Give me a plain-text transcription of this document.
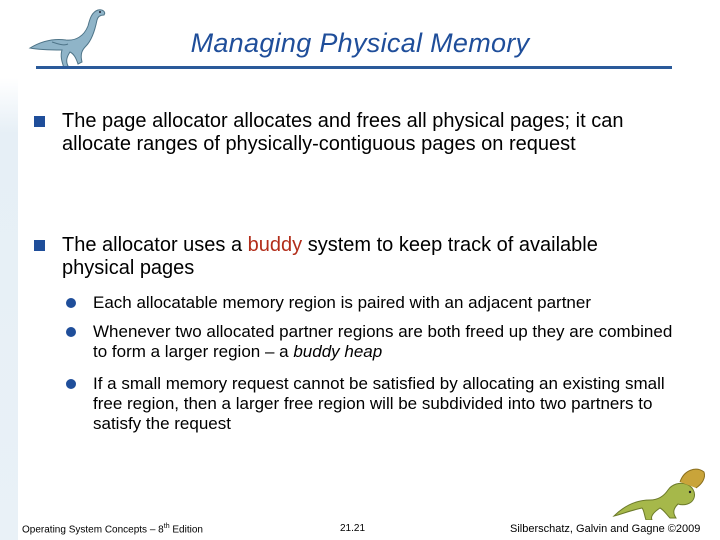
Managing Physical Memory
The page allocator allocates and frees all physical pages; it can allocate ranges of physically-contiguous pages on request
The allocator uses a buddy system to keep track of available physical pages
Each allocatable memory region is paired with an adjacent partner
Whenever two allocated partner regions are both freed up they are combined to form a larger region – a buddy heap
If a small memory request cannot be satisfied by allocating an existing small free region, then a larger free region will be subdivided into two partners to satisfy the request
Operating System Concepts – 8th Edition	21.21	Silberschatz, Galvin and Gagne ©2009
